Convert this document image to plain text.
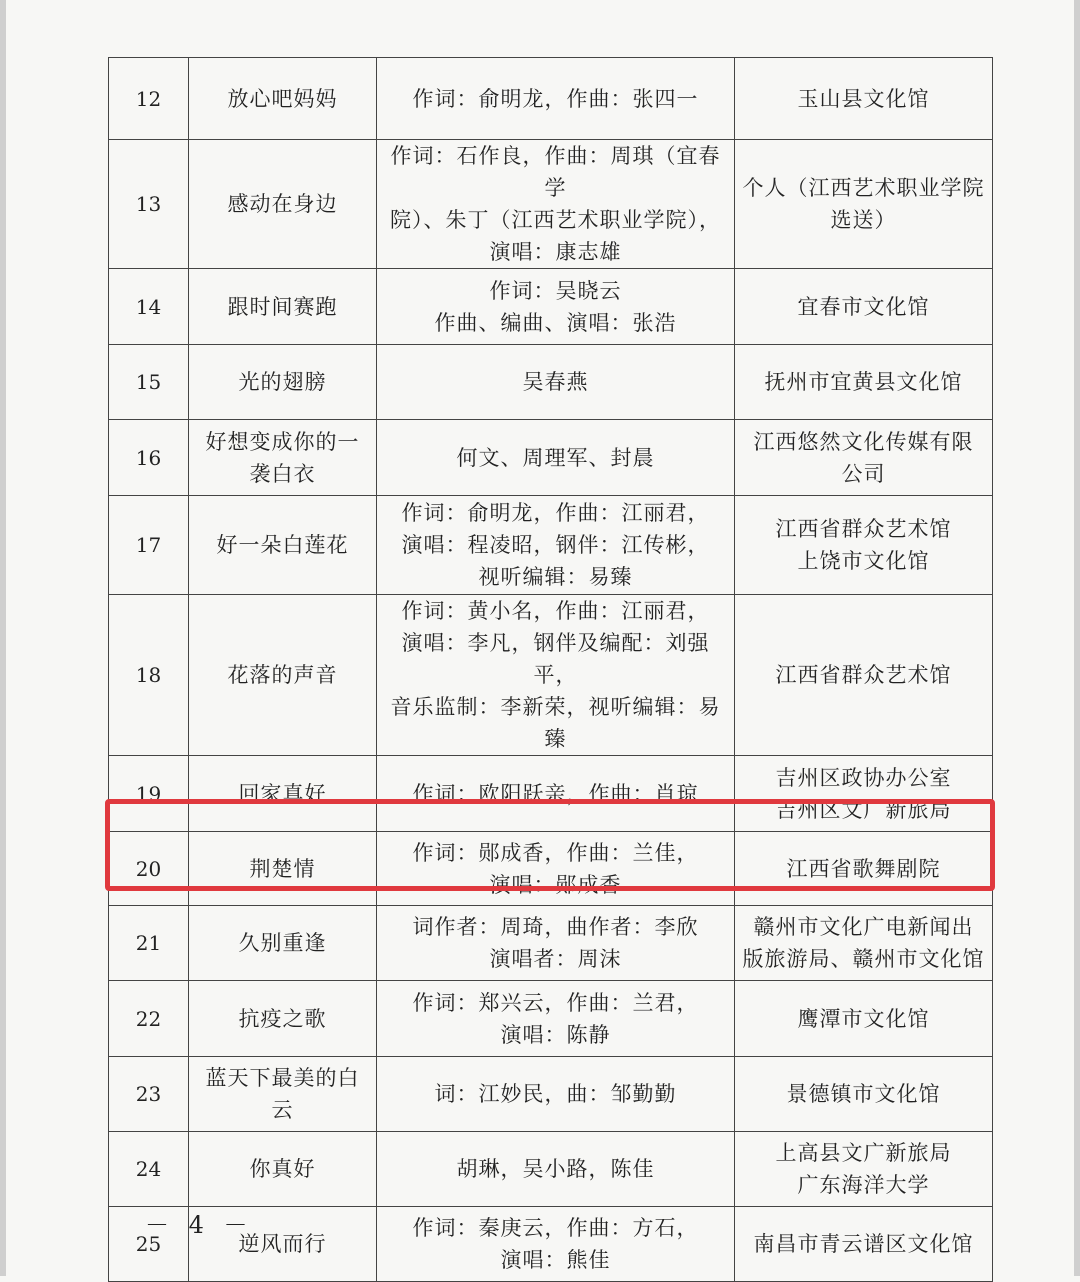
12	放心吧妈妈	作词：俞明龙，作曲：张四一	玉山县文化馆

13	感动在身边	作词：石作良，作曲：周琪（宜春学
院）、朱丁（江西艺术职业学院），
演唱：康志雄	个人（江西艺术职业学院
选送）

14	跟时间赛跑	作词：吴晓云
作曲、编曲、演唱：张浩	宜春市文化馆

15	光的翅膀	吴春燕	抚州市宜黄县文化馆

16	好想变成你的一
袭白衣	何文、周理军、封晨	江西悠然文化传媒有限
公司

17	好一朵白莲花	作词：俞明龙，作曲：江丽君，
演唱：程凌昭，钢伴：江传彬，
视听编辑：易臻	江西省群众艺术馆
上饶市文化馆

18	花落的声音	作词：黄小名，作曲：江丽君，
演唱：李凡，钢伴及编配：刘强平，
音乐监制：李新荣，视听编辑：易臻	江西省群众艺术馆

19	回家真好	作词：欧阳跃亲，作曲：肖琼	吉州区政协办公室
吉州区文广新旅局

20	荆楚情	作词：郧成香，作曲：兰佳，
演唱：郧成香	江西省歌舞剧院

21	久别重逢	词作者：周琦，曲作者：李欣
演唱者：周沫	赣州市文化广电新闻出
版旅游局、赣州市文化馆

22	抗疫之歌	作词：郑兴云，作曲：兰君，
演唱：陈静	鹰潭市文化馆

23	蓝天下最美的白
云	词：江妙民，曲：邹勤勤	景德镇市文化馆

24	你真好	胡琳，吴小路，陈佳	上高县文广新旅局
广东海洋大学

25	逆风而行	作词：秦庚云，作曲：方石，
演唱：熊佳	南昌市青云谱区文化馆
－ 4 －
